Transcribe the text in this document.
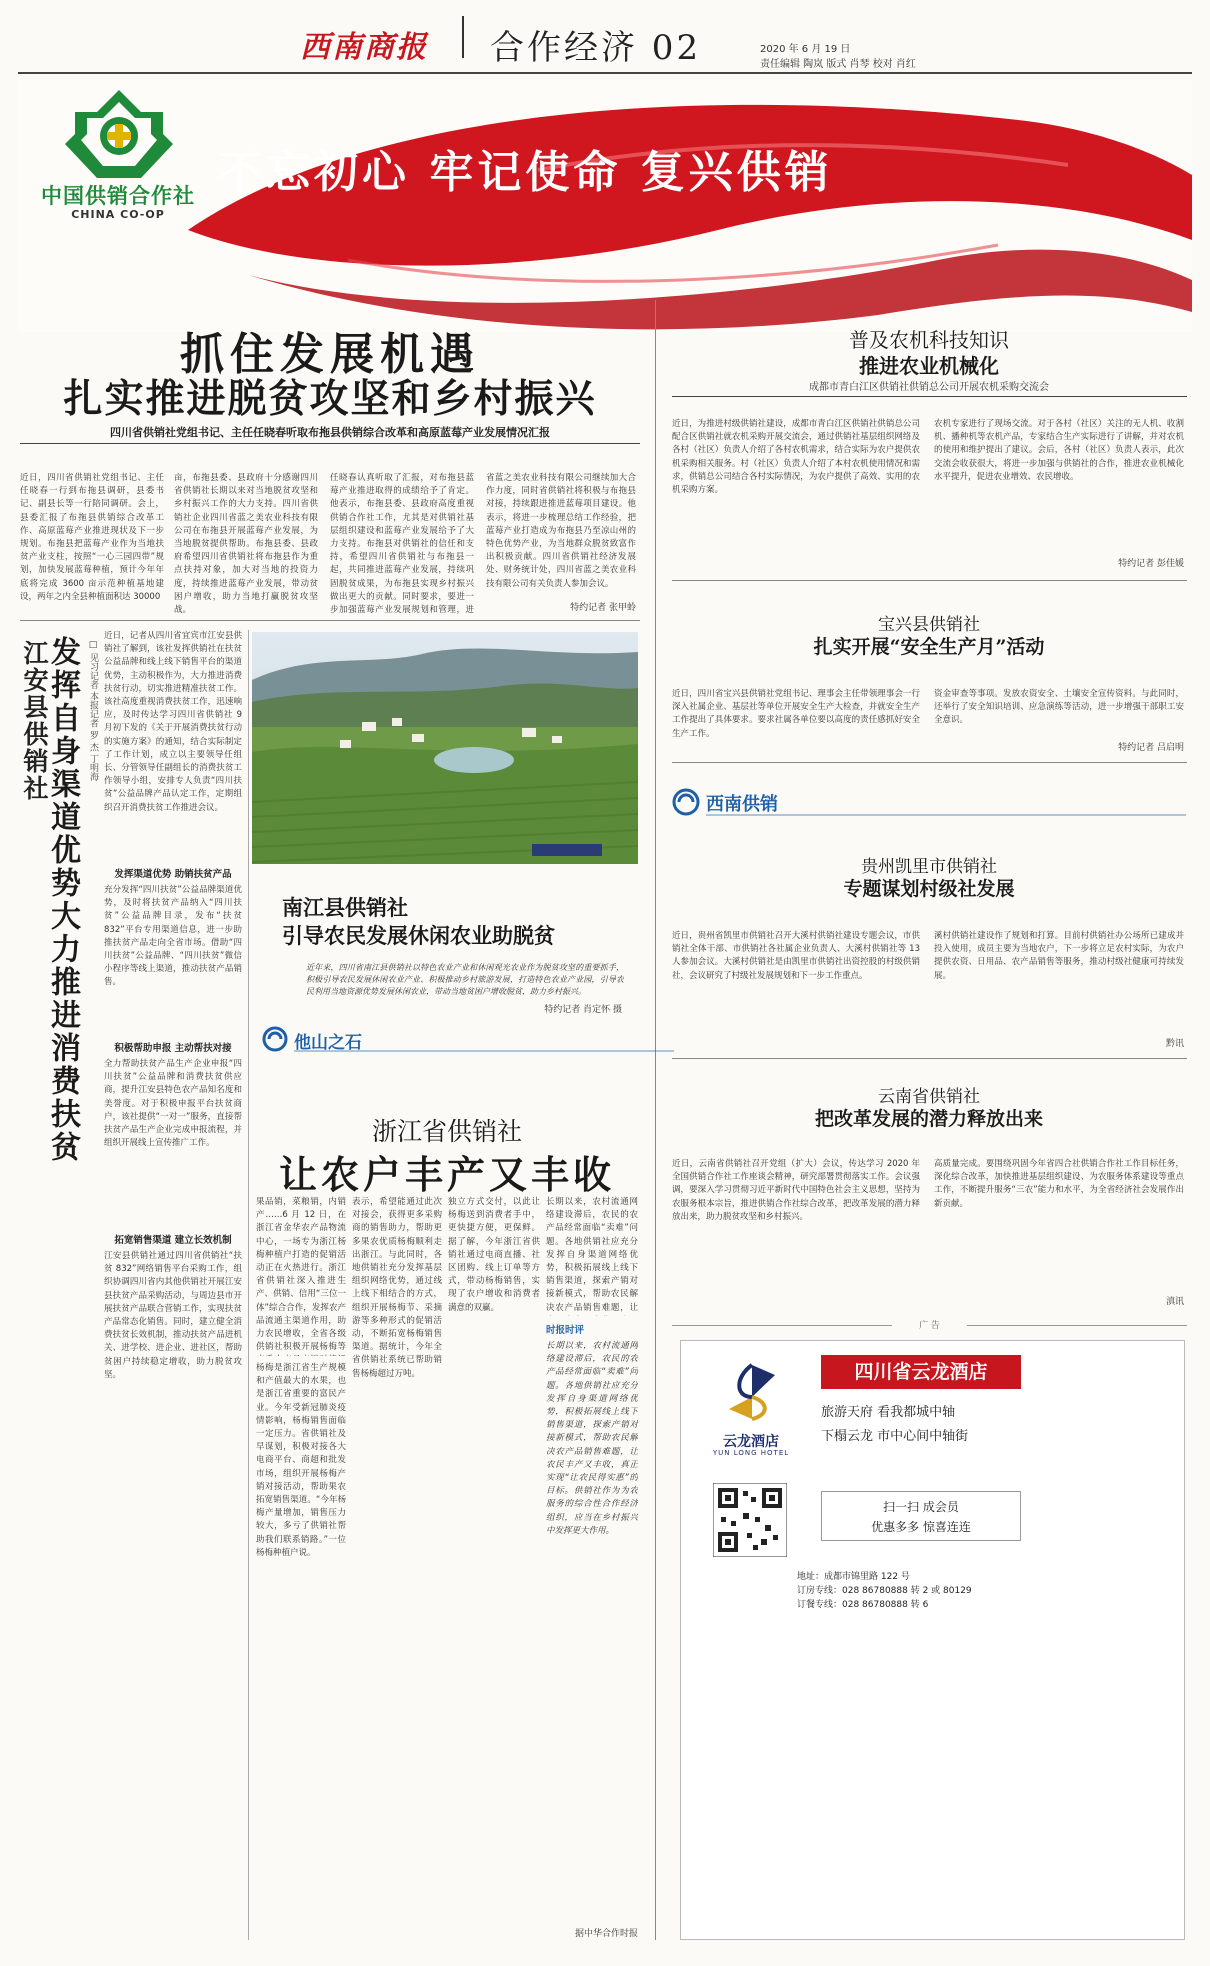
西南商报 合作经济 02	2020 年 6 月 19 日
责任编辑 陶岚 版式 肖琴 校对 肖红
中国供销合作社
CHINA CO-OP
不忘初心 牢记使命 复兴供销
抓住发展机遇
扎实推进脱贫攻坚和乡村振兴
四川省供销社党组书记、主任任晓春听取布拖县供销综合改革和高原蓝莓产业发展情况汇报
近日，四川省供销社党组书记、主任任晓春一行到布拖县调研，县委书记、副县长等一行陪同调研。会上，县委汇报了布拖县供销综合改革工作、高原蓝莓产业推进现状及下一步规划。布拖县把蓝莓产业作为当地扶贫产业支柱，按照“一心三园四带”规划，加快发展蓝莓种植，预计今年年底将完成 3600 亩示范种植基地建设，两年之内全县种植面积达 30000
亩，布拖县委、县政府十分感谢四川省供销社长期以来对当地脱贫攻坚和乡村振兴工作的大力支持。四川省供销社企业四川省蓝之美农业科技有限公司在布拖县开展蓝莓产业发展，为当地脱贫提供帮助。布拖县委、县政府希望四川省供销社将布拖县作为重点扶持对象，加大对当地的投资力度，持续推进蓝莓产业发展，带动贫困户增收，助力当地打赢脱贫攻坚战。
任晓春认真听取了汇报，对布拖县蓝莓产业推进取得的成绩给予了肯定。他表示，布拖县委、县政府高度重视供销合作社工作，尤其是对供销社基层组织建设和蓝莓产业发展给予了大力支持。布拖县对供销社的信任和支持，希望四川省供销社与布拖县一起，共同推进蓝莓产业发展，持续巩固脱贫成果，为布拖县实现乡村振兴做出更大的贡献。同时要求，要进一步加强蓝莓产业发展规划和管理，进
省蓝之美农业科技有限公司继续加大合作力度，同时省供销社将积极与布拖县对接，持续跟进推进蓝莓项目建设。他表示，将进一步梳理总结工作经验，把蓝莓产业打造成为布拖县乃至凉山州的特色优势产业，为当地群众脱贫致富作出积极贡献。四川省供销社经济发展处、财务统计处，四川省蓝之美农业科技有限公司有关负责人参加会议。
特约记者 张甲蛉
江安县供销社
发挥自身渠道优势
大力推进消费扶贫
□ 见习记者 本报记者 罗 杰 丁明海
近日，记者从四川省宜宾市江安县供销社了解到，该社发挥供销社在扶贫公益品牌和线上线下销售平台的渠道优势，主动积极作为，大力推进消费扶贫行动，切实推进精准扶贫工作。该社高度重视消费扶贫工作，迅速响应，及时传达学习四川省供销社 9 月初下发的《关于开展消费扶贫行动的实施方案》的通知，结合实际制定了工作计划，成立以主要领导任组长、分管领导任副组长的消费扶贫工作领导小组，安排专人负责“四川扶贫”公益品牌产品认定工作，定期组织召开消费扶贫工作推进会议。
发挥渠道优势 助销扶贫产品
充分发挥“四川扶贫”公益品牌渠道优势，及时将扶贫产品纳入“四川扶贫”公益品牌目录，发布“扶贫 832”平台专用渠道信息，进一步助推扶贫产品走向全省市场。借助“四川扶贫”公益品牌、“四川扶贫”微信小程序等线上渠道，推动扶贫产品销售。
积极帮助申报 主动帮扶对接
全力帮助扶贫产品生产企业申报“四川扶贫”公益品牌和消费扶贫供应商，提升江安县特色农产品知名度和美誉度。对于积极申报平台扶贫商户，该社提供“一对一”服务，直接帮扶贫产品生产企业完成申报流程，并组织开展线上宣传推广工作。
拓宽销售渠道 建立长效机制
江安县供销社通过四川省供销社“扶贫 832”网络销售平台采购工作，组织协调四川省内其他供销社开展江安县扶贫产品采购活动，与周边县市开展扶贫产品联合营销工作，实现扶贫产品常态化销售。同时，建立健全消费扶贫长效机制，推动扶贫产品进机关、进学校、进企业、进社区，帮助贫困户持续稳定增收，助力脱贫攻坚。
南江县供销社
引导农民发展休闲农业助脱贫
近年来，四川省南江县供销社以特色农业产业和休闲观光农业作为脱贫攻坚的重要抓手，积极引导农民发展休闲农业产业、积极推动乡村旅游发展，打造特色农业产业园，引导农民利用当地资源优势发展休闲农业，带动当地贫困户增收脱贫，助力乡村振兴。
特约记者 肖定怀 摄
他山之石
浙江省供销社
让农户丰产又丰收
果品销，菜粮销，内销产……6 月 12 日，在浙江省金华农产品物流中心，一场专为浙江杨梅种植户打造的促销活动正在火热进行。浙江省供销社深入推进生产、供销、信用“三位一体”综合合作，发挥农产品流通主渠道作用，助力农民增收，全省各级供销社积极开展杨梅等
杨梅是浙江省生产规模和产值最大的水果，也是浙江省重要的富民产业。今年受新冠肺炎疫情影响，杨梅销售面临一定压力。省供销社及早谋划，积极对接各大电商平台、商超和批发市场，组织开展杨梅产销对接活动，帮助果农拓宽销售渠道。“今年杨梅产量增加，销售压力较大，多亏了供销社帮助我们联系销路。”一位杨梅种植户说。
表示，希望能通过此次对接会，获得更多采购商的销售助力，帮助更多果农优质杨梅顺利走出浙江。与此同时，各地供销社充分发挥基层组织网络优势，通过线上线下相结合的方式，组织开展杨梅节、采摘游等多种形式的促销活动，不断拓宽杨梅销售渠道。据统计，今年全省供销社系统已帮助销售杨梅超过万吨。
独立方式交付，以此让杨梅送到消费者手中，更快捷方便，更保鲜。据了解，今年浙江省供销社通过电商直播、社区团购、线上订单等方式，带动杨梅销售，实现了农户增收和消费者满意的双赢。
长期以来，农村流通网络建设滞后，农民的农产品经常面临“卖难”问题。各地供销社应充分发挥自身渠道网络优势，积极拓展线上线下销售渠道，探索产销对接新模式，帮助农民解决农产品销售难题，让
时报时评
长期以来，农村流通网络建设滞后，农民的农产品经常面临“卖难”问题。各地供销社应充分发挥自身渠道网络优势，积极拓展线上线下销售渠道，探索产销对接新模式，帮助农民解决农产品销售难题，让农民丰产又丰收，真正实现“让农民得实惠”的目标。供销社作为为农服务的综合性合作经济组织，应当在乡村振兴中发挥更大作用。
据中华合作时报
普及农机科技知识
推进农业机械化
成都市青白江区供销社供销总公司开展农机采购交流会
近日，为推进村级供销社建设，成都市青白江区供销社供销总公司配合区供销社就农机采购开展交流会，通过供销社基层组织网络及各村（社区）负责人介绍了各村农机需求，结合实际为农户提供农机采购相关服务。村（社区）负责人介绍了本村农机使用情况和需求，供销总公司结合各村实际情况，为农户提供了高效、实用的农机采购方案。
农机专家进行了现场交流。对于各村（社区）关注的无人机、收割机、播种机等农机产品，专家结合生产实际进行了讲解，并对农机的使用和维护提出了建议。会后，各村（社区）负责人表示，此次交流会收获很大，将进一步加强与供销社的合作，推进农业机械化水平提升，促进农业增效、农民增收。
特约记者 彭佳媛
宝兴县供销社
扎实开展“安全生产月”活动
近日，四川省宝兴县供销社党组书记、理事会主任带领理事会一行深入社属企业、基层社等单位开展安全生产大检查，并就安全生产工作提出了具体要求。要求社属各单位要以高度的责任感抓好安全生产工作。
资金审查等事项。发放农资安全、土壤安全宣传资料。与此同时，还举行了安全知识培训、应急演练等活动，进一步增强干部职工安全意识。
特约记者 吕启明
西南供销
贵州凯里市供销社
专题谋划村级社发展
近日，贵州省凯里市供销社召开大溪村供销社建设专题会议，市供销社全体干部、市供销社各社属企业负责人、大溪村供销社等 13 人参加会议。大溪村供销社是由凯里市供销社出资控股的村级供销社，会议研究了村级社发展规划和下一步工作重点。
溪村供销社建设作了规划和打算。目前村供销社办公场所已建成并投入使用，成员主要为当地农户，下一步将立足农村实际，为农户提供农资、日用品、农产品销售等服务，推动村级社健康可持续发展。
黔讯
云南省供销社
把改革发展的潜力释放出来
近日，云南省供销社召开党组（扩大）会议，传达学习 2020 年全国供销合作社工作座谈会精神，研究部署贯彻落实工作。会议强调，要深入学习贯彻习近平新时代中国特色社会主义思想，坚持为农服务根本宗旨，推进供销合作社综合改革，把改革发展的潜力释放出来，助力脱贫攻坚和乡村振兴。
高质量完成。要围绕巩固今年省四合社供销合作社工作目标任务，深化综合改革，加快推进基层组织建设、为农服务体系建设等重点工作，不断提升服务“三农”能力和水平，为全省经济社会发展作出新贡献。
滇讯
广 告
云龙酒店
YUN LONG HOTEL
四川省云龙酒店
旅游天府 看我都城中轴
下榻云龙 市中心间中轴街
扫一扫 成会员
优惠多多 惊喜连连
地址：成都市锦里路 122 号
订房专线：028 86780888 转 2 或 80129
订餐专线：028 86780888 转 6
